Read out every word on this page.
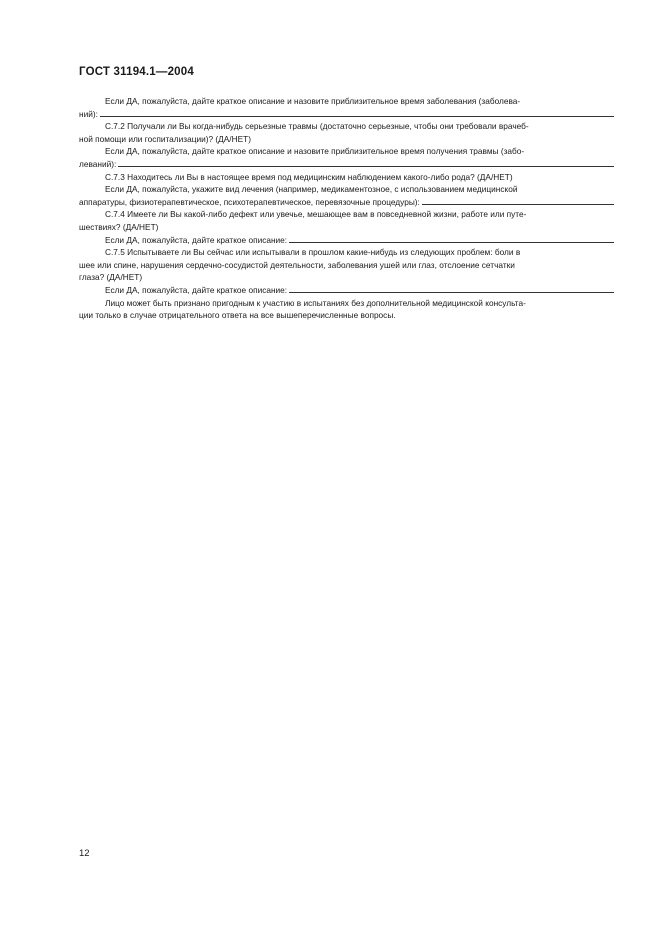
ГОСТ 31194.1—2004
Если ДА, пожалуйста, дайте краткое описание и назовите приблизительное время заболевания (заболева-
ний):
С.7.2 Получали ли Вы когда-нибудь серьезные травмы (достаточно серьезные, чтобы они требовали врачеб-
ной помощи или госпитализации)? (ДА/НЕТ)
Если ДА, пожалуйста, дайте краткое описание и назовите приблизительное время получения травмы (забо-
леваний):
С.7.3 Находитесь ли Вы в настоящее время под медицинским наблюдением какого-либо рода? (ДА/НЕТ)
Если ДА, пожалуйста, укажите вид лечения (например, медикаментозное, с использованием медицинской
аппаратуры, физиотерапевтическое, психотерапевтическое, перевязочные процедуры):
С.7.4 Имеете ли Вы какой-либо дефект или увечье, мешающее вам в повседневной жизни, работе или путе-
шествиях? (ДА/НЕТ)
Если ДА, пожалуйста, дайте краткое описание:
С.7.5 Испытываете ли Вы сейчас или испытывали в прошлом какие-нибудь из следующих проблем: боли в
шее или спине, нарушения сердечно-сосудистой деятельности, заболевания ушей или глаз, отслоение сетчатки
глаза? (ДА/НЕТ)
Если ДА, пожалуйста, дайте краткое описание:
Лицо может быть признано пригодным к участию в испытаниях без дополнительной медицинской консульта-
ции только в случае отрицательного ответа на все вышеперечисленные вопросы.
12
